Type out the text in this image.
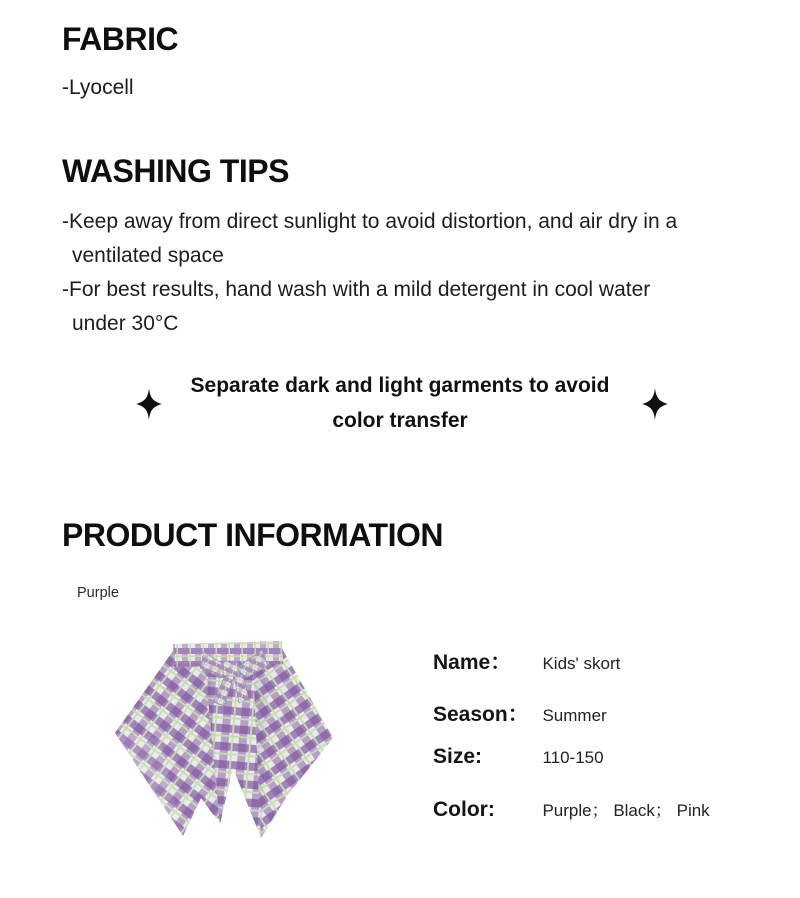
FABRIC

-Lyocell

WASHING TIPS

-Keep away from direct sunlight to avoid distortion, and air dry in a ventilated space

-For best results, hand wash with a mild detergent in cool water under 30°C

Separate dark and light garments to avoid color transfer

PRODUCT INFORMATION
Purple
Name： Kids' skort
Season： Summer
Size:	110-150
Color:	Purple； Black； Pink
